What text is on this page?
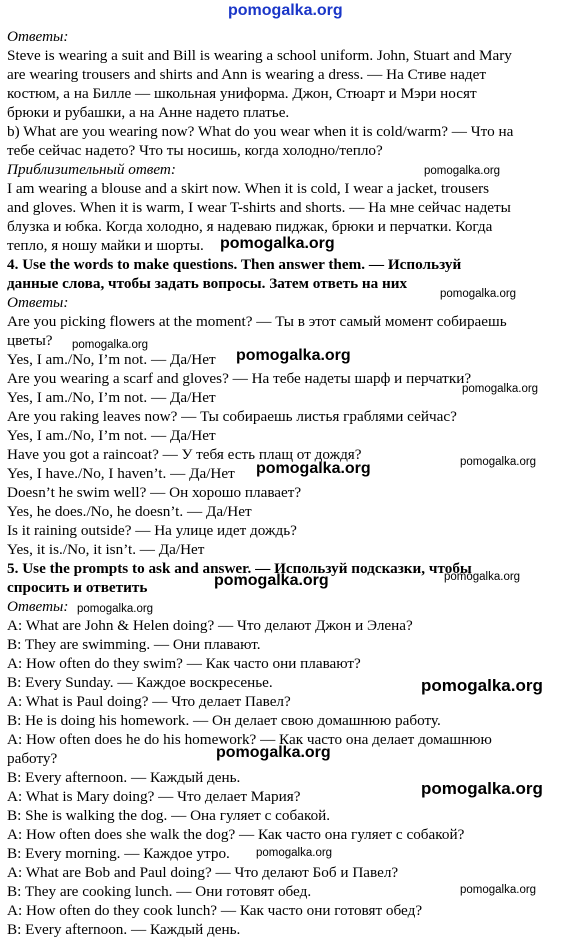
pomogalka.org
Ответы:
Steve is wearing a suit and Bill is wearing a school uniform. John, Stuart and Mary
are wearing trousers and shirts and Ann is wearing a dress. — На Стиве надет
костюм, а на Билле — школьная униформа. Джон, Стюарт и Мэри носят
брюки и рубашки, а на Анне надето платье.
b) What are you wearing now? What do you wear when it is cold/warm? — Что на
тебе сейчас надето? Что ты носишь, когда холодно/тепло?
Приблизительный ответ:
I am wearing a blouse and a skirt now. When it is cold, I wear a jacket, trousers
and gloves. When it is warm, I wear T-shirts and shorts. — На мне сейчас надеты
блузка и юбка. Когда холодно, я надеваю пиджак, брюки и перчатки. Когда
тепло, я ношу майки и шорты.
4. Use the words to make questions. Then answer them. — Используй
данные слова, чтобы задать вопросы. Затем ответь на них
Ответы:
Are you picking flowers at the moment? — Ты в этот самый момент собираешь
цветы?
Yes, I am./No, I’m not. — Да/Нет
Are you wearing a scarf and gloves? — На тебе надеты шарф и перчатки?
Yes, I am./No, I’m not. — Да/Нет
Are you raking leaves now? — Ты собираешь листья граблями сейчас?
Yes, I am./No, I’m not. — Да/Нет
Have you got a raincoat? — У тебя есть плащ от дождя?
Yes, I have./No, I haven’t. — Да/Нет
Doesn’t he swim well? — Он хорошо плавает?
Yes, he does./No, he doesn’t. — Да/Нет
Is it raining outside? — На улице идет дождь?
Yes, it is./No, it isn’t. — Да/Нет
5. Use the prompts to ask and answer. — Используй подсказки, чтобы
спросить и ответить
Ответы:
A: What are John & Helen doing? — Что делают Джон и Элена?
B: They are swimming. — Они плавают.
A: How often do they swim? — Как часто они плавают?
B: Every Sunday. — Каждое воскресенье.
A: What is Paul doing? — Что делает Павел?
B: He is doing his homework. — Он делает свою домашнюю работу.
A: How often does he do his homework? — Как часто она делает домашнюю
работу?
B: Every afternoon. — Каждый день.
A: What is Mary doing? — Что делает Мария?
B: She is walking the dog. — Она гуляет с собакой.
A: How often does she walk the dog? — Как часто она гуляет с собакой?
B: Every morning. — Каждое утро.
A: What are Bob and Paul doing? — Что делают Боб и Павел?
B: They are cooking lunch. — Они готовят обед.
A: How often do they cook lunch? — Как часто они готовят обед?
B: Every afternoon. — Каждый день.
pomogalka.org
pomogalka.org
pomogalka.org
pomogalka.org
pomogalka.org
pomogalka.org
pomogalka.org	pomogalka.org
pomogalka.org	pomogalka.org
pomogalka.org
pomogalka.org
pomogalka.org
pomogalka.org
pomogalka.org
pomogalka.org
